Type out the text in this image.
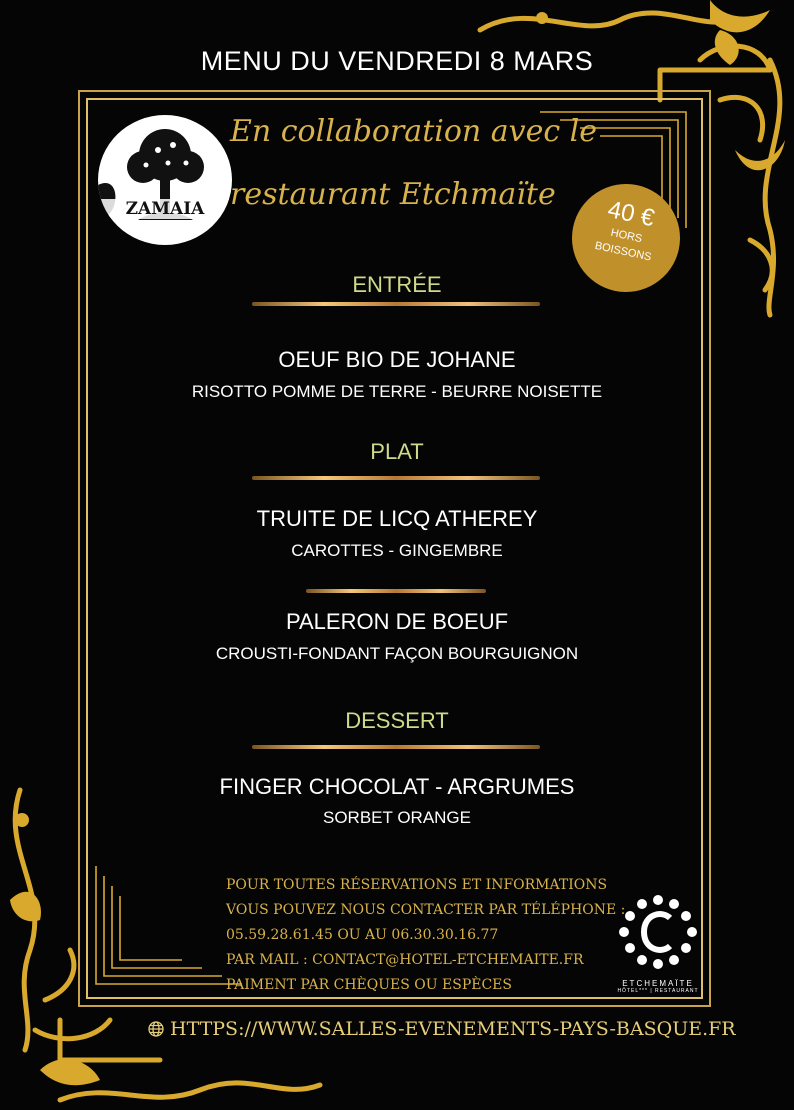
MENU DU VENDREDI 8 MARS
ZAMAIA
En collaboration avec le
restaurant Etchmaïte
40 €
HORS
BOISSONS
ENTRÉE
OEUF BIO DE JOHANE
RISOTTO POMME DE TERRE - BEURRE NOISETTE
PLAT
TRUITE DE LICQ ATHEREY
CAROTTES - GINGEMBRE
PALERON DE BOEUF
CROUSTI-FONDANT FAÇON BOURGUIGNON
DESSERT
FINGER CHOCOLAT - ARGRUMES
SORBET ORANGE
POUR TOUTES RÉSERVATIONS ET INFORMATIONS
VOUS POUVEZ NOUS CONTACTER PAR TÉLÉPHONE :
05.59.28.61.45 OU AU 06.30.30.16.77
PAR MAIL : CONTACT@HOTEL-ETCHEMAITE.FR
PAIMENT PAR CHÈQUES OU ESPÈCES	ETCHEMAÏTE
HÔTEL*** | RESTAURANT
HTTPS://WWW.SALLES-EVENEMENTS-PAYS-BASQUE.FR
